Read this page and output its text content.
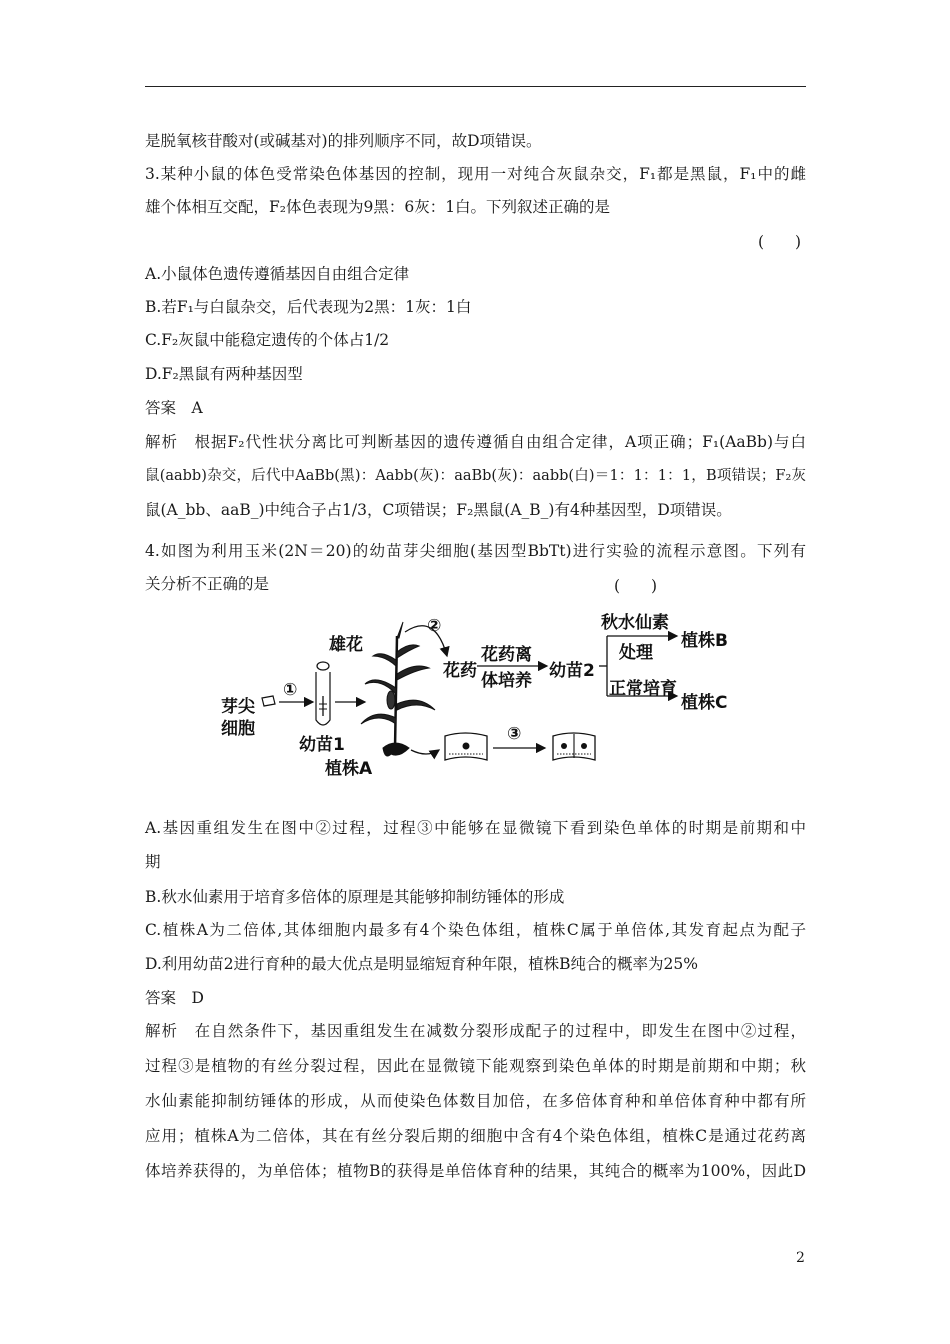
是脱氧核苷酸对(或碱基对)的排列顺序不同，故D项错误。
3.某种小鼠的体色受常染色体基因的控制，现用一对纯合灰鼠杂交，F₁都是黑鼠，F₁中的雌
雄个体相互交配，F₂体色表现为9黑：6灰：1白。下列叙述正确的是
(　　)
A.小鼠体色遗传遵循基因自由组合定律
B.若F₁与白鼠杂交，后代表现为2黑：1灰：1白
C.F₂灰鼠中能稳定遗传的个体占1/2
D.F₂黑鼠有两种基因型
答案　A
解析　根据F₂代性状分离比可判断基因的遗传遵循自由组合定律，A项正确；F₁(AaBb)与白
鼠(aabb)杂交，后代中AaBb(黑)：Aabb(灰)：aaBb(灰)：aabb(白)＝1：1：1：1，B项错误；F₂灰
鼠(A_bb、aaB_)中纯合子占1/3，C项错误；F₂黑鼠(A_B_)有4种基因型，D项错误。
4.如图为利用玉米(2N＝20)的幼苗芽尖细胞(基因型BbTt)进行实验的流程示意图。下列有
关分析不正确的是	(　　)
芽尖
细胞
①
幼苗1
植株A
雄花
②
花药
花药离
体培养 幼苗2
秋水仙素
处理
植株B
正常培育
植株C
③
A.基因重组发生在图中②过程，过程③中能够在显微镜下看到染色单体的时期是前期和中
期
B.秋水仙素用于培育多倍体的原理是其能够抑制纺锤体的形成
C.植株A为二倍体,其体细胞内最多有4个染色体组，植株C属于单倍体,其发育起点为配子
D.利用幼苗2进行育种的最大优点是明显缩短育种年限，植株B纯合的概率为25%
答案　D
解析　在自然条件下，基因重组发生在减数分裂形成配子的过程中，即发生在图中②过程，
过程③是植物的有丝分裂过程，因此在显微镜下能观察到染色单体的时期是前期和中期；秋
水仙素能抑制纺锤体的形成，从而使染色体数目加倍，在多倍体育种和单倍体育种中都有所
应用；植株A为二倍体，其在有丝分裂后期的细胞中含有4个染色体组，植株C是通过花药离
体培养获得的，为单倍体；植物B的获得是单倍体育种的结果，其纯合的概率为100%，因此D
2
